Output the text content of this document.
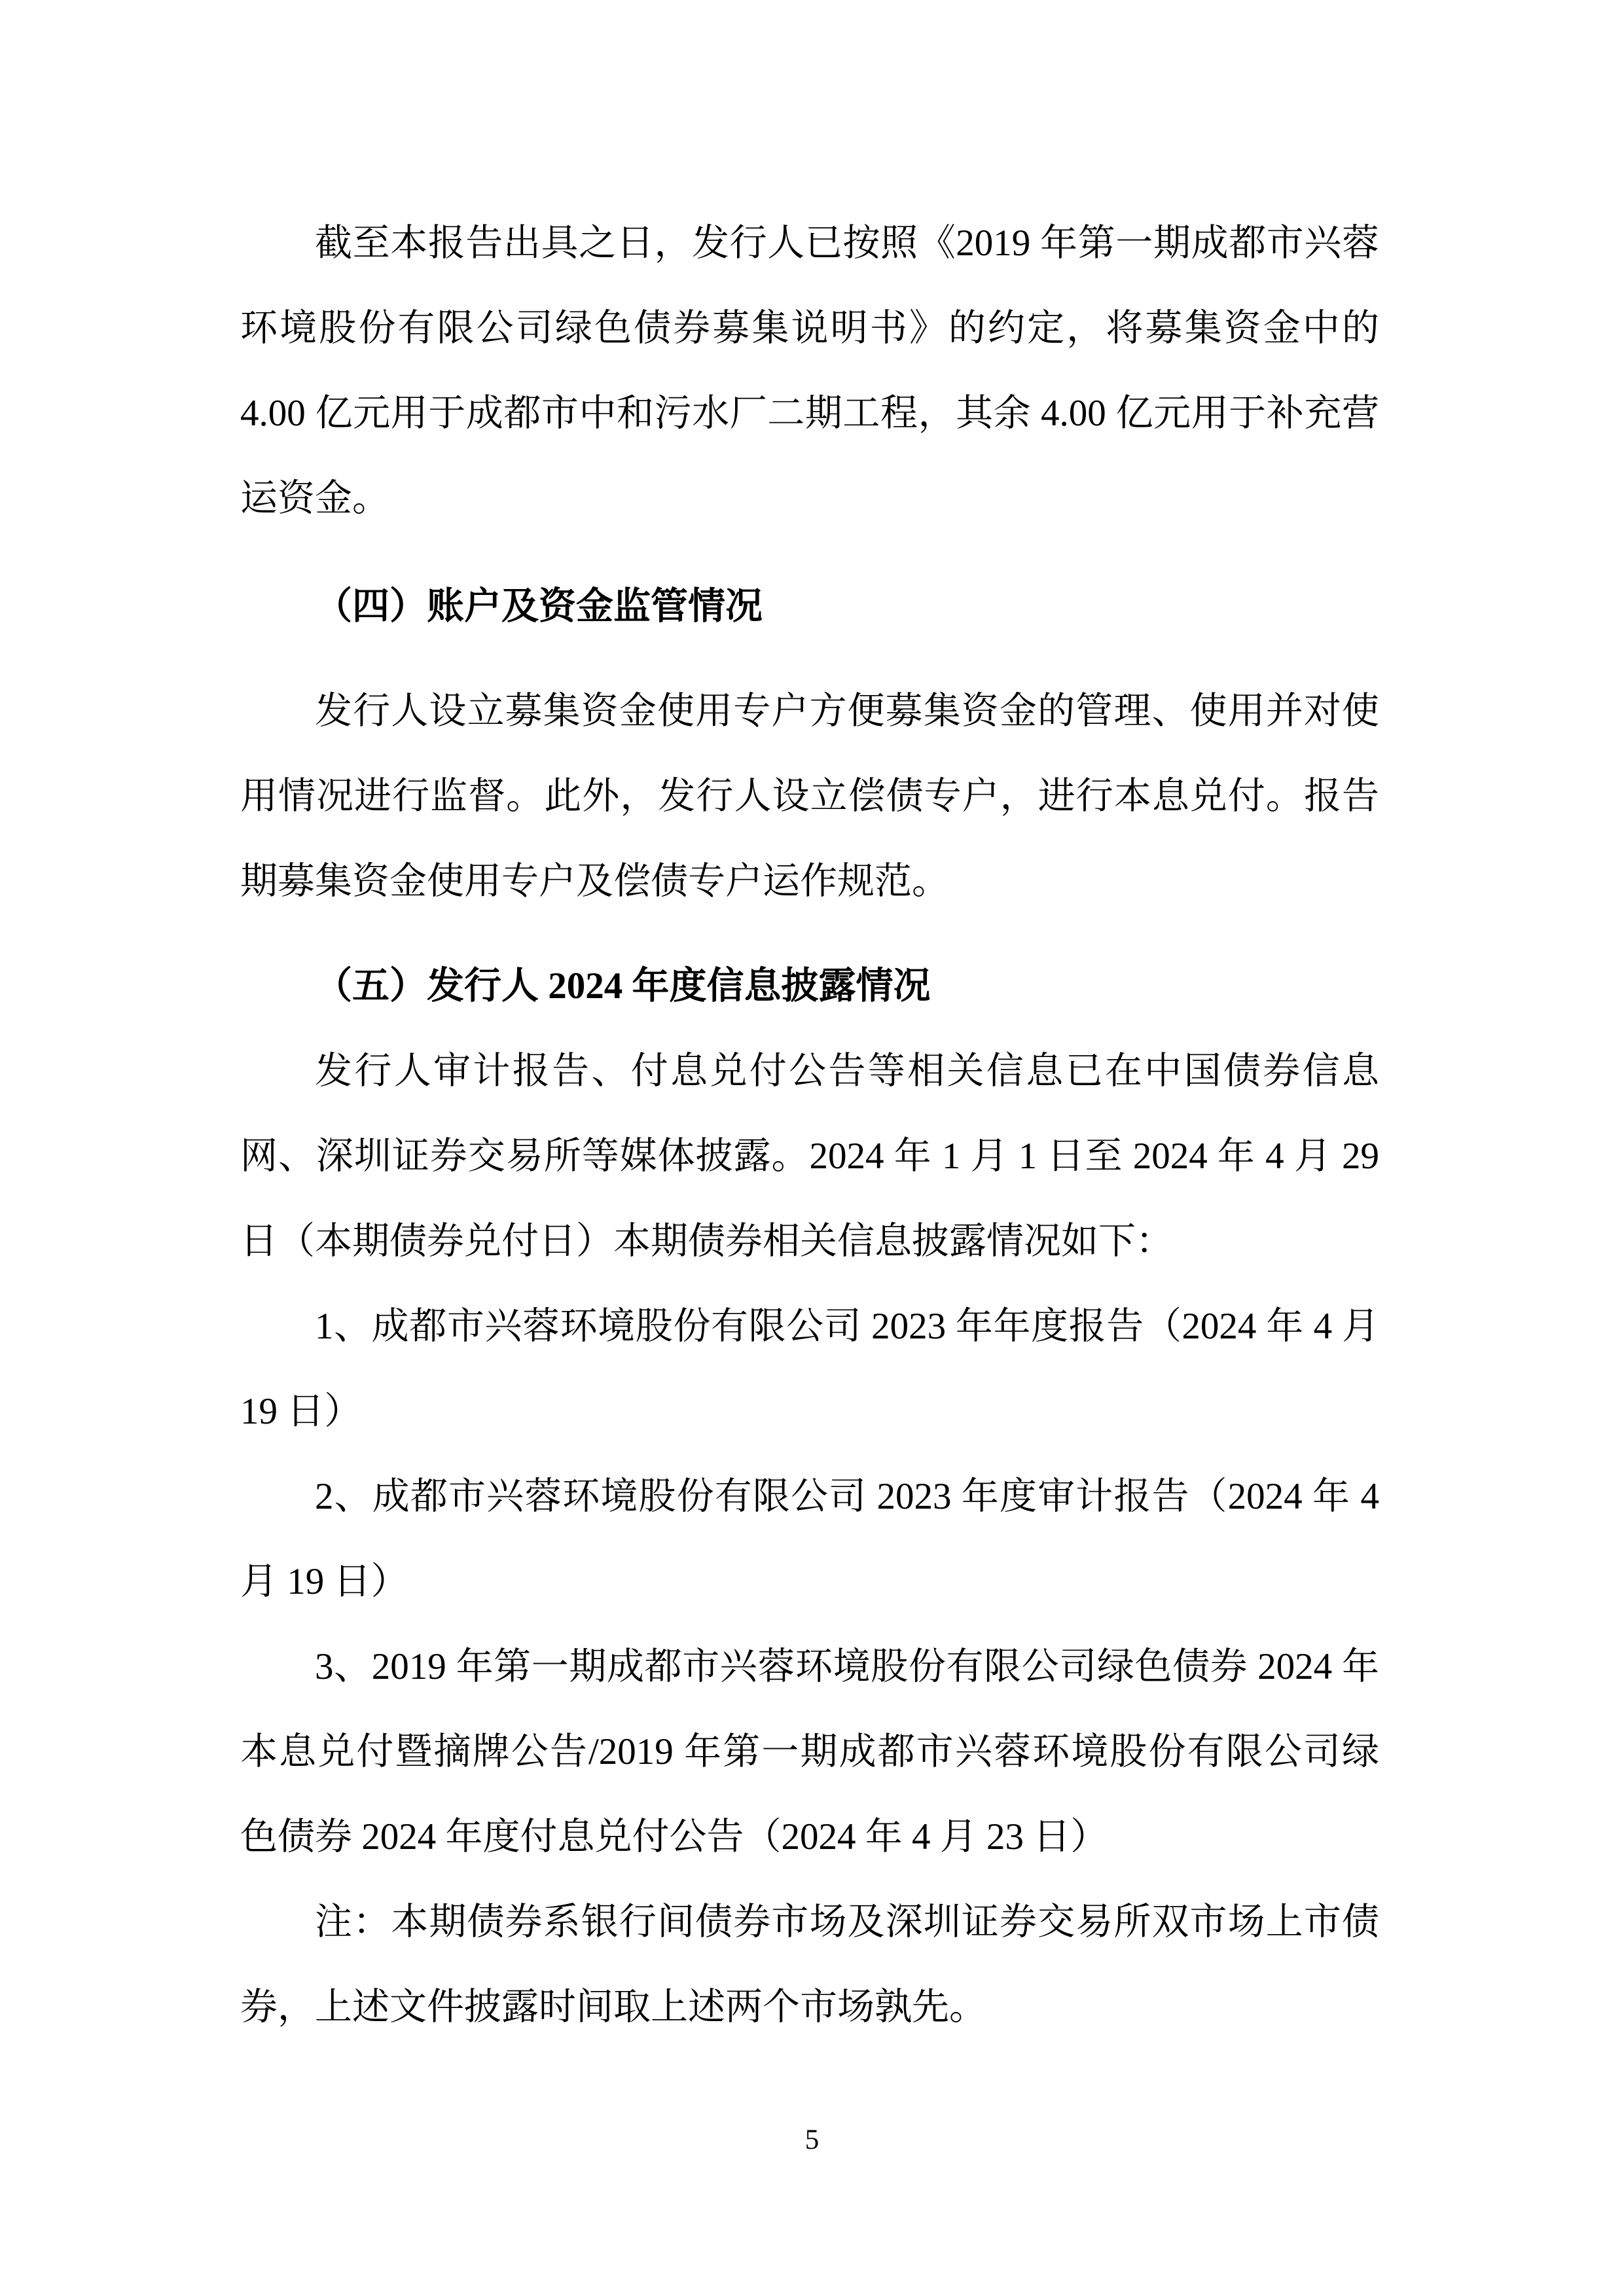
截至本报告出具之日，发行人已按照《2019 年第一期成都市兴蓉环境股份有限公司绿色债券募集说明书》的约定，将募集资金中的 4.00 亿元用于成都市中和污水厂二期工程，其余 4.00 亿元用于补充营运资金。

（四）账户及资金监管情况

发行人设立募集资金使用专户方便募集资金的管理、使用并对使用情况进行监督。此外，发行人设立偿债专户，进行本息兑付。报告期募集资金使用专户及偿债专户运作规范。

（五）发行人 2024 年度信息披露情况

发行人审计报告、付息兑付公告等相关信息已在中国债券信息网、深圳证券交易所等媒体披露。2024 年 1 月 1 日至 2024 年 4 月 29 日（本期债券兑付日）本期债券相关信息披露情况如下：

1、成都市兴蓉环境股份有限公司 2023 年年度报告（2024 年 4 月 19 日）

2、成都市兴蓉环境股份有限公司 2023 年度审计报告（2024 年 4 月 19 日）

3、2019 年第一期成都市兴蓉环境股份有限公司绿色债券 2024 年本息兑付暨摘牌公告/2019 年第一期成都市兴蓉环境股份有限公司绿色债券 2024 年度付息兑付公告（2024 年 4 月 23 日）

注：本期债券系银行间债券市场及深圳证券交易所双市场上市债券，上述文件披露时间取上述两个市场孰先。

5
